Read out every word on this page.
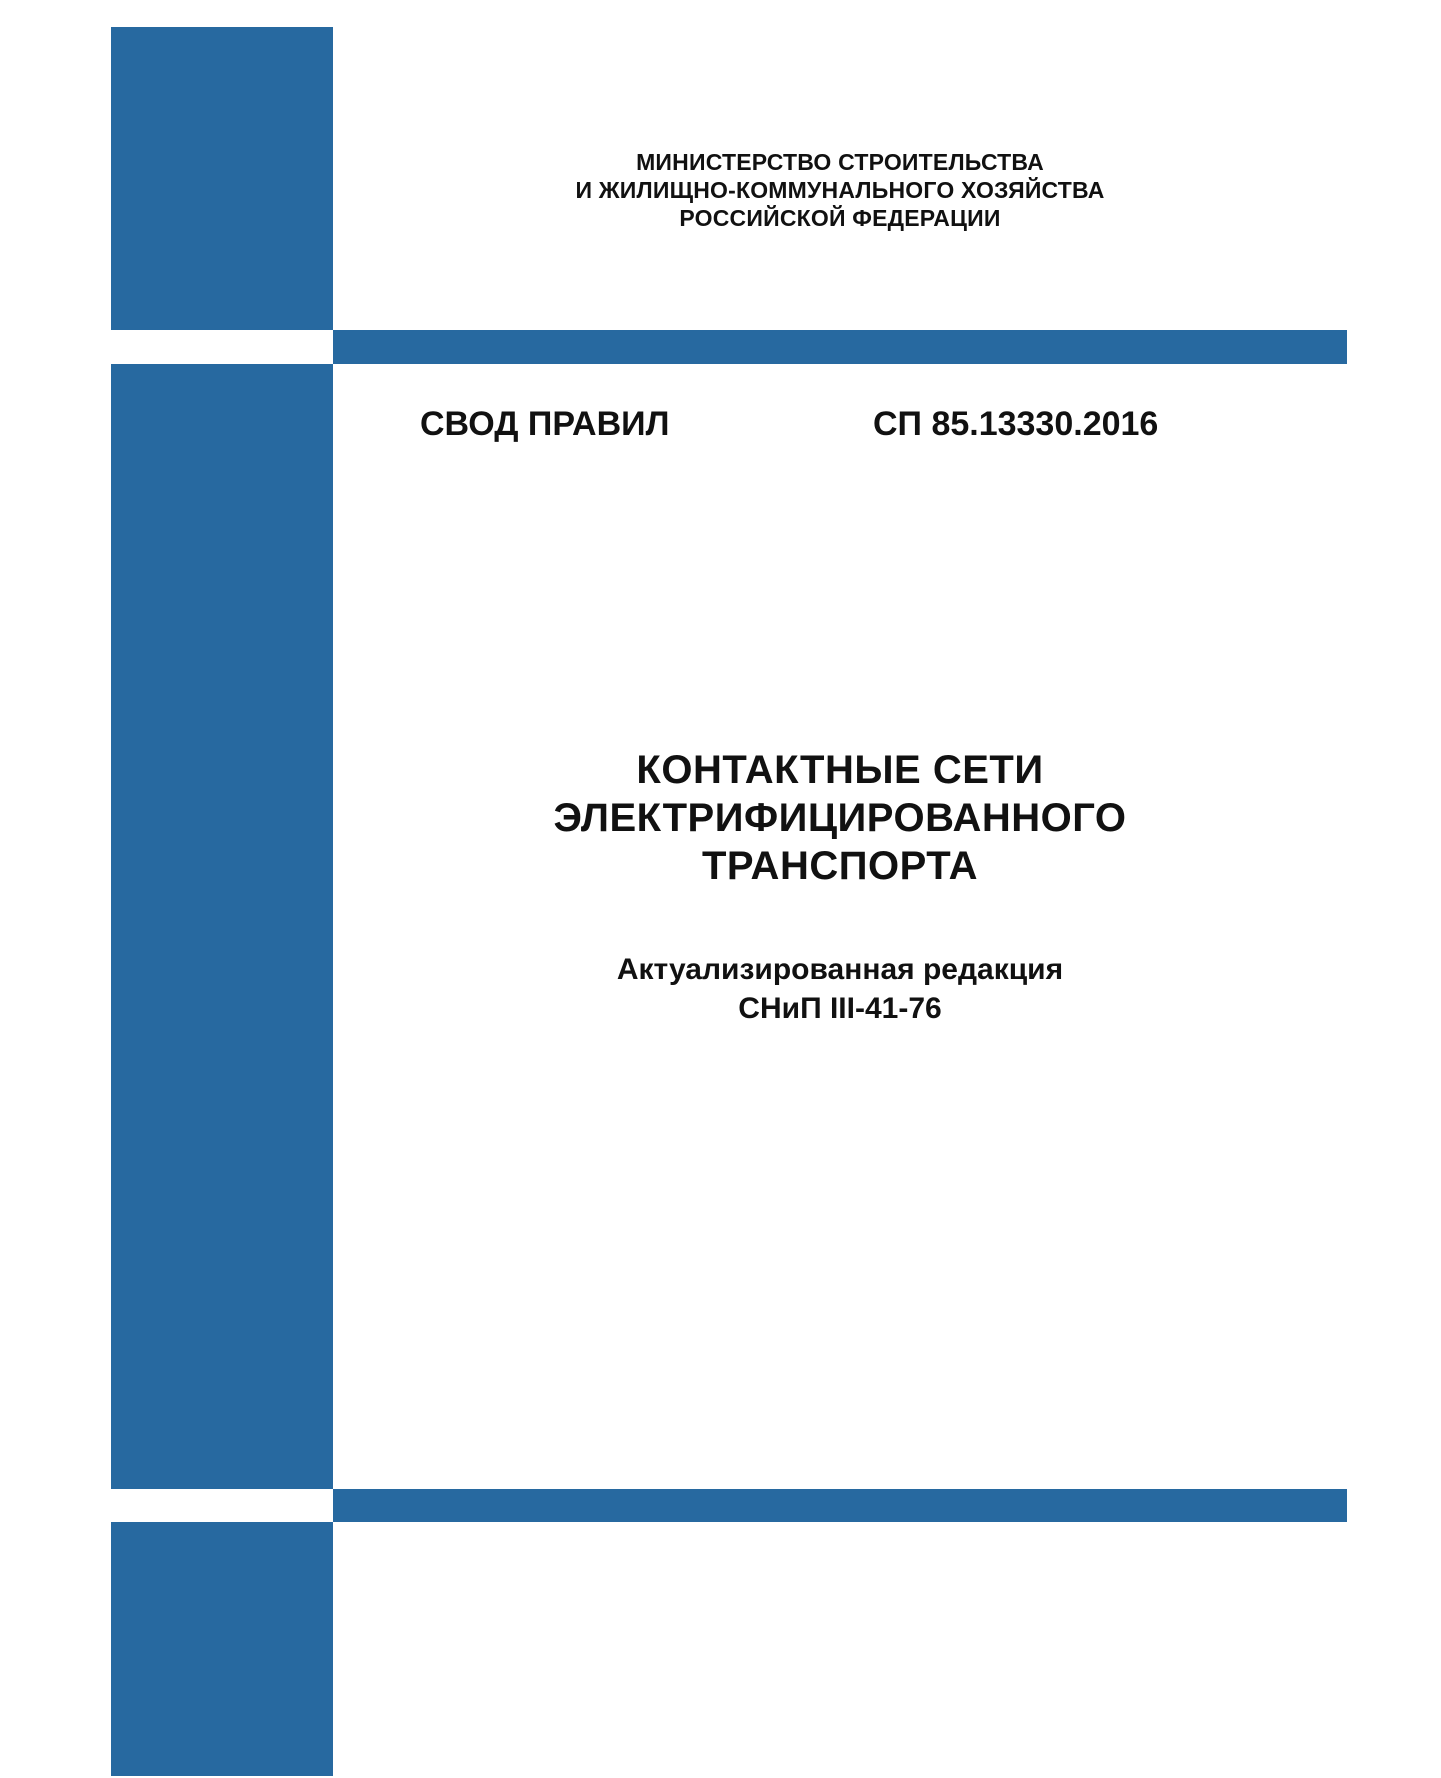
МИНИСТЕРСТВО СТРОИТЕЛЬСТВА
И ЖИЛИЩНО-КОММУНАЛЬНОГО ХОЗЯЙСТВА
РОССИЙСКОЙ ФЕДЕРАЦИИ
СВОД ПРАВИЛ	СП 85.13330.2016
КОНТАКТНЫЕ СЕТИ
ЭЛЕКТРИФИЦИРОВАННОГО
ТРАНСПОРТА
Актуализированная редакция
СНиП III-41-76
